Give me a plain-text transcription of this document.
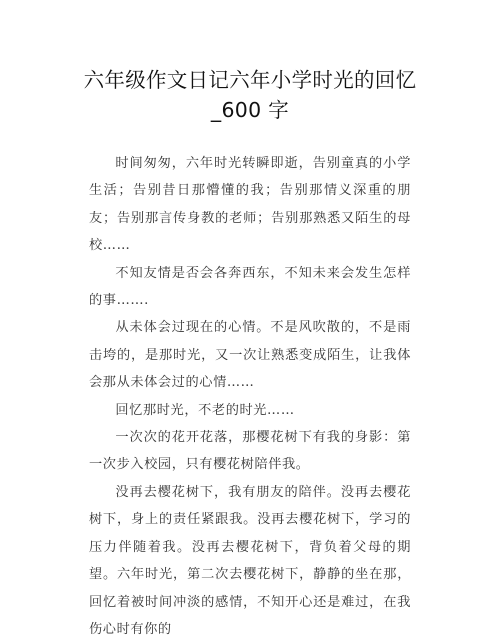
六年级作文日记六年小学时光的回忆
_600 字

时间匆匆，六年时光转瞬即逝，告别童真的小学生活；告别昔日那懵懂的我；告别那情义深重的朋友；告别那言传身教的老师；告别那熟悉又陌生的母校……

不知友情是否会各奔西东，不知未来会发生怎样的事…….

从未体会过现在的心情。不是风吹散的，不是雨击垮的，是那时光，又一次让熟悉变成陌生，让我体会那从未体会过的心情……

回忆那时光，不老的时光……

一次次的花开花落，那樱花树下有我的身影：第一次步入校园，只有樱花树陪伴我。

没再去樱花树下，我有朋友的陪伴。没再去樱花树下，身上的责任紧跟我。没再去樱花树下，学习的压力伴随着我。没再去樱花树下，背负着父母的期望。六年时光，第二次去樱花树下，静静的坐在那，回忆着被时间冲淡的感情，不知开心还是难过，在我伤心时有你的
